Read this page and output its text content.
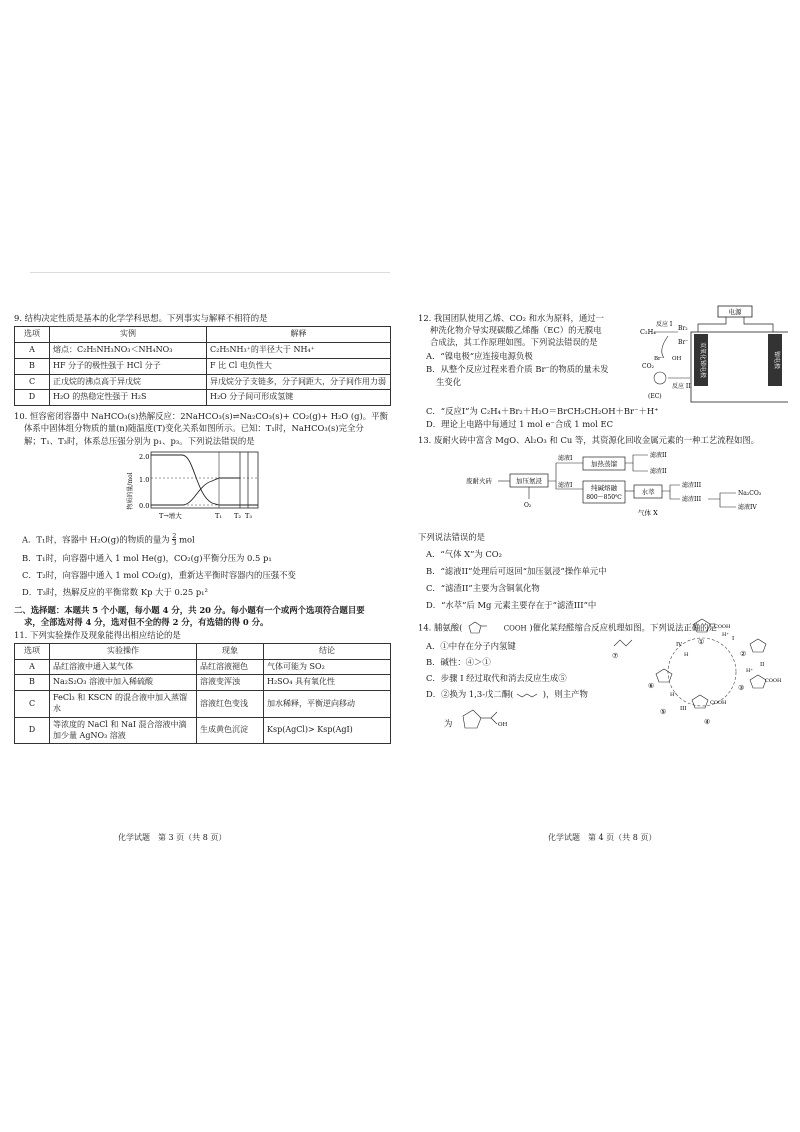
9. 结构决定性质是基本的化学学科思想。下列事实与解释不相符的是

选项	实例	解释
A	熔点：C₂H₅NH₃NO₃＜NH₄NO₃	C₂H₅NH₃⁺的半径大于 NH₄⁺
B	HF 分子的极性强于 HCl 分子	F 比 Cl 电负性大
C	正戊烷的沸点高于异戊烷	异戊烷分子支链多，分子间距大，分子间作用力弱
D	H₂O 的热稳定性强于 H₂S	H₂O 分子间可形成氢键

10. 恒容密闭容器中 NaHCO₃(s)热解反应：2NaHCO₃(s)⇌Na₂CO₃(s)+ CO₂(g)+ H₂O (g)。平衡

体系中固体组分物质的量(n)随温度(T)变化关系如图所示。已知：T₁时，NaHCO₃(s)完全分

解；T₁、T₃时，体系总压强分别为 p₁、p₃。下列说法错误的是

物质的量/mol
2.0
1.0
0.0
T→增大	T₁ T₂ T₃

A．T₁时，容器中 H₂O(g)的物质的量为 $\frac{2}{3}$ mol

B．T₁时，向容器中通入 1 mol He(g)，CO₂(g)平衡分压为 0.5 p₁

C．T₂时，向容器中通入 1 mol CO₂(g)，重新达平衡时容器内的压强不变

D．T₃时，热解反应的平衡常数 Kp 大于 0.25 p₁²

二、选择题：本题共 5 个小题，每小题 4 分，共 20 分。每小题有一个或两个选项符合题目要

求，全部选对得 4 分，选对但不全的得 2 分，有选错的得 0 分。

11. 下列实验操作及现象能得出相应结论的是

选项	实验操作	现象	结论
A	品红溶液中通入某气体	品红溶液褪色	气体可能为 SO₂
B	Na₂S₂O₃ 溶液中加入稀硫酸	溶液变浑浊	H₂SO₄ 具有氧化性
C	FeCl₃ 和 KSCN 的混合液中加入蒸馏水	溶液红色变浅	加水稀释，平衡逆向移动
D	等浓度的 NaCl 和 NaI 混合溶液中滴加少量 AgNO₃ 溶液	生成黄色沉淀	Ksp(AgCl)> Ksp(AgI)
化学试题　第 3 页（共 8 页）

12. 我国团队使用乙烯、CO₂ 和水为原料，通过一

种洗化物介导实现碳酸乙烯酯（EC）的无膜电

合成法，其工作原理如图。下列说法错误的是

A．“镍电极”应连接电源负极

B．从整个反应过程来看介质 Br⁻的物质的量未发

生变化

电源
双氧化锑电极	镍电极
C₂H₄
反应 I
Br₂
Br⁻
Br⁻ OH
CO₂
(EC)
反应 II

C．“反应I”为 C₂H₄＋Br₂＋H₂O＝BrCH₂CH₂OH＋Br⁻＋H⁺

D．理论上电路中每通过 1 mol e⁻合成 1 mol EC

13. 废耐火砖中富含 MgO、Al₂O₃ 和 Cu 等，其资源化回收金属元素的一种工艺流程如图。

废耐火砖	加压氨浸
O₂
滤液I
滤渣I
加热蒸馏
滤液II
滤渣II
纯碱熔融
800～850℃
水萃
滤渣III
滤渣III
气体 X
Na₂CO₃
滤液IV

下列说法错误的是

A．“气体 X”为 CO₂

B．“滤液II”处理后可返回“加压氨浸”操作单元中

C．“滤渣II”主要为含铜氧化物

D．“水萃”后 Mg 元素主要存在于“滤渣III”中

14. 脯氨酸(	COOH )催化某羟醛缩合反应机理如图。下列说法正确的是

A．①中存在分子内氢键

B．碱性：④＞①

C．步骤 I 经过取代和消去反应生成⑤

D．②换为 1,3-戊二酮(	)，则主产物

为	OH
COOH
①
②
COOH
③
COOH
④
⑤
⑥
⑦
IV
I
II
III
H⁺
H⁺
H⁺
H
化学试题　第 4 页（共 8 页）
